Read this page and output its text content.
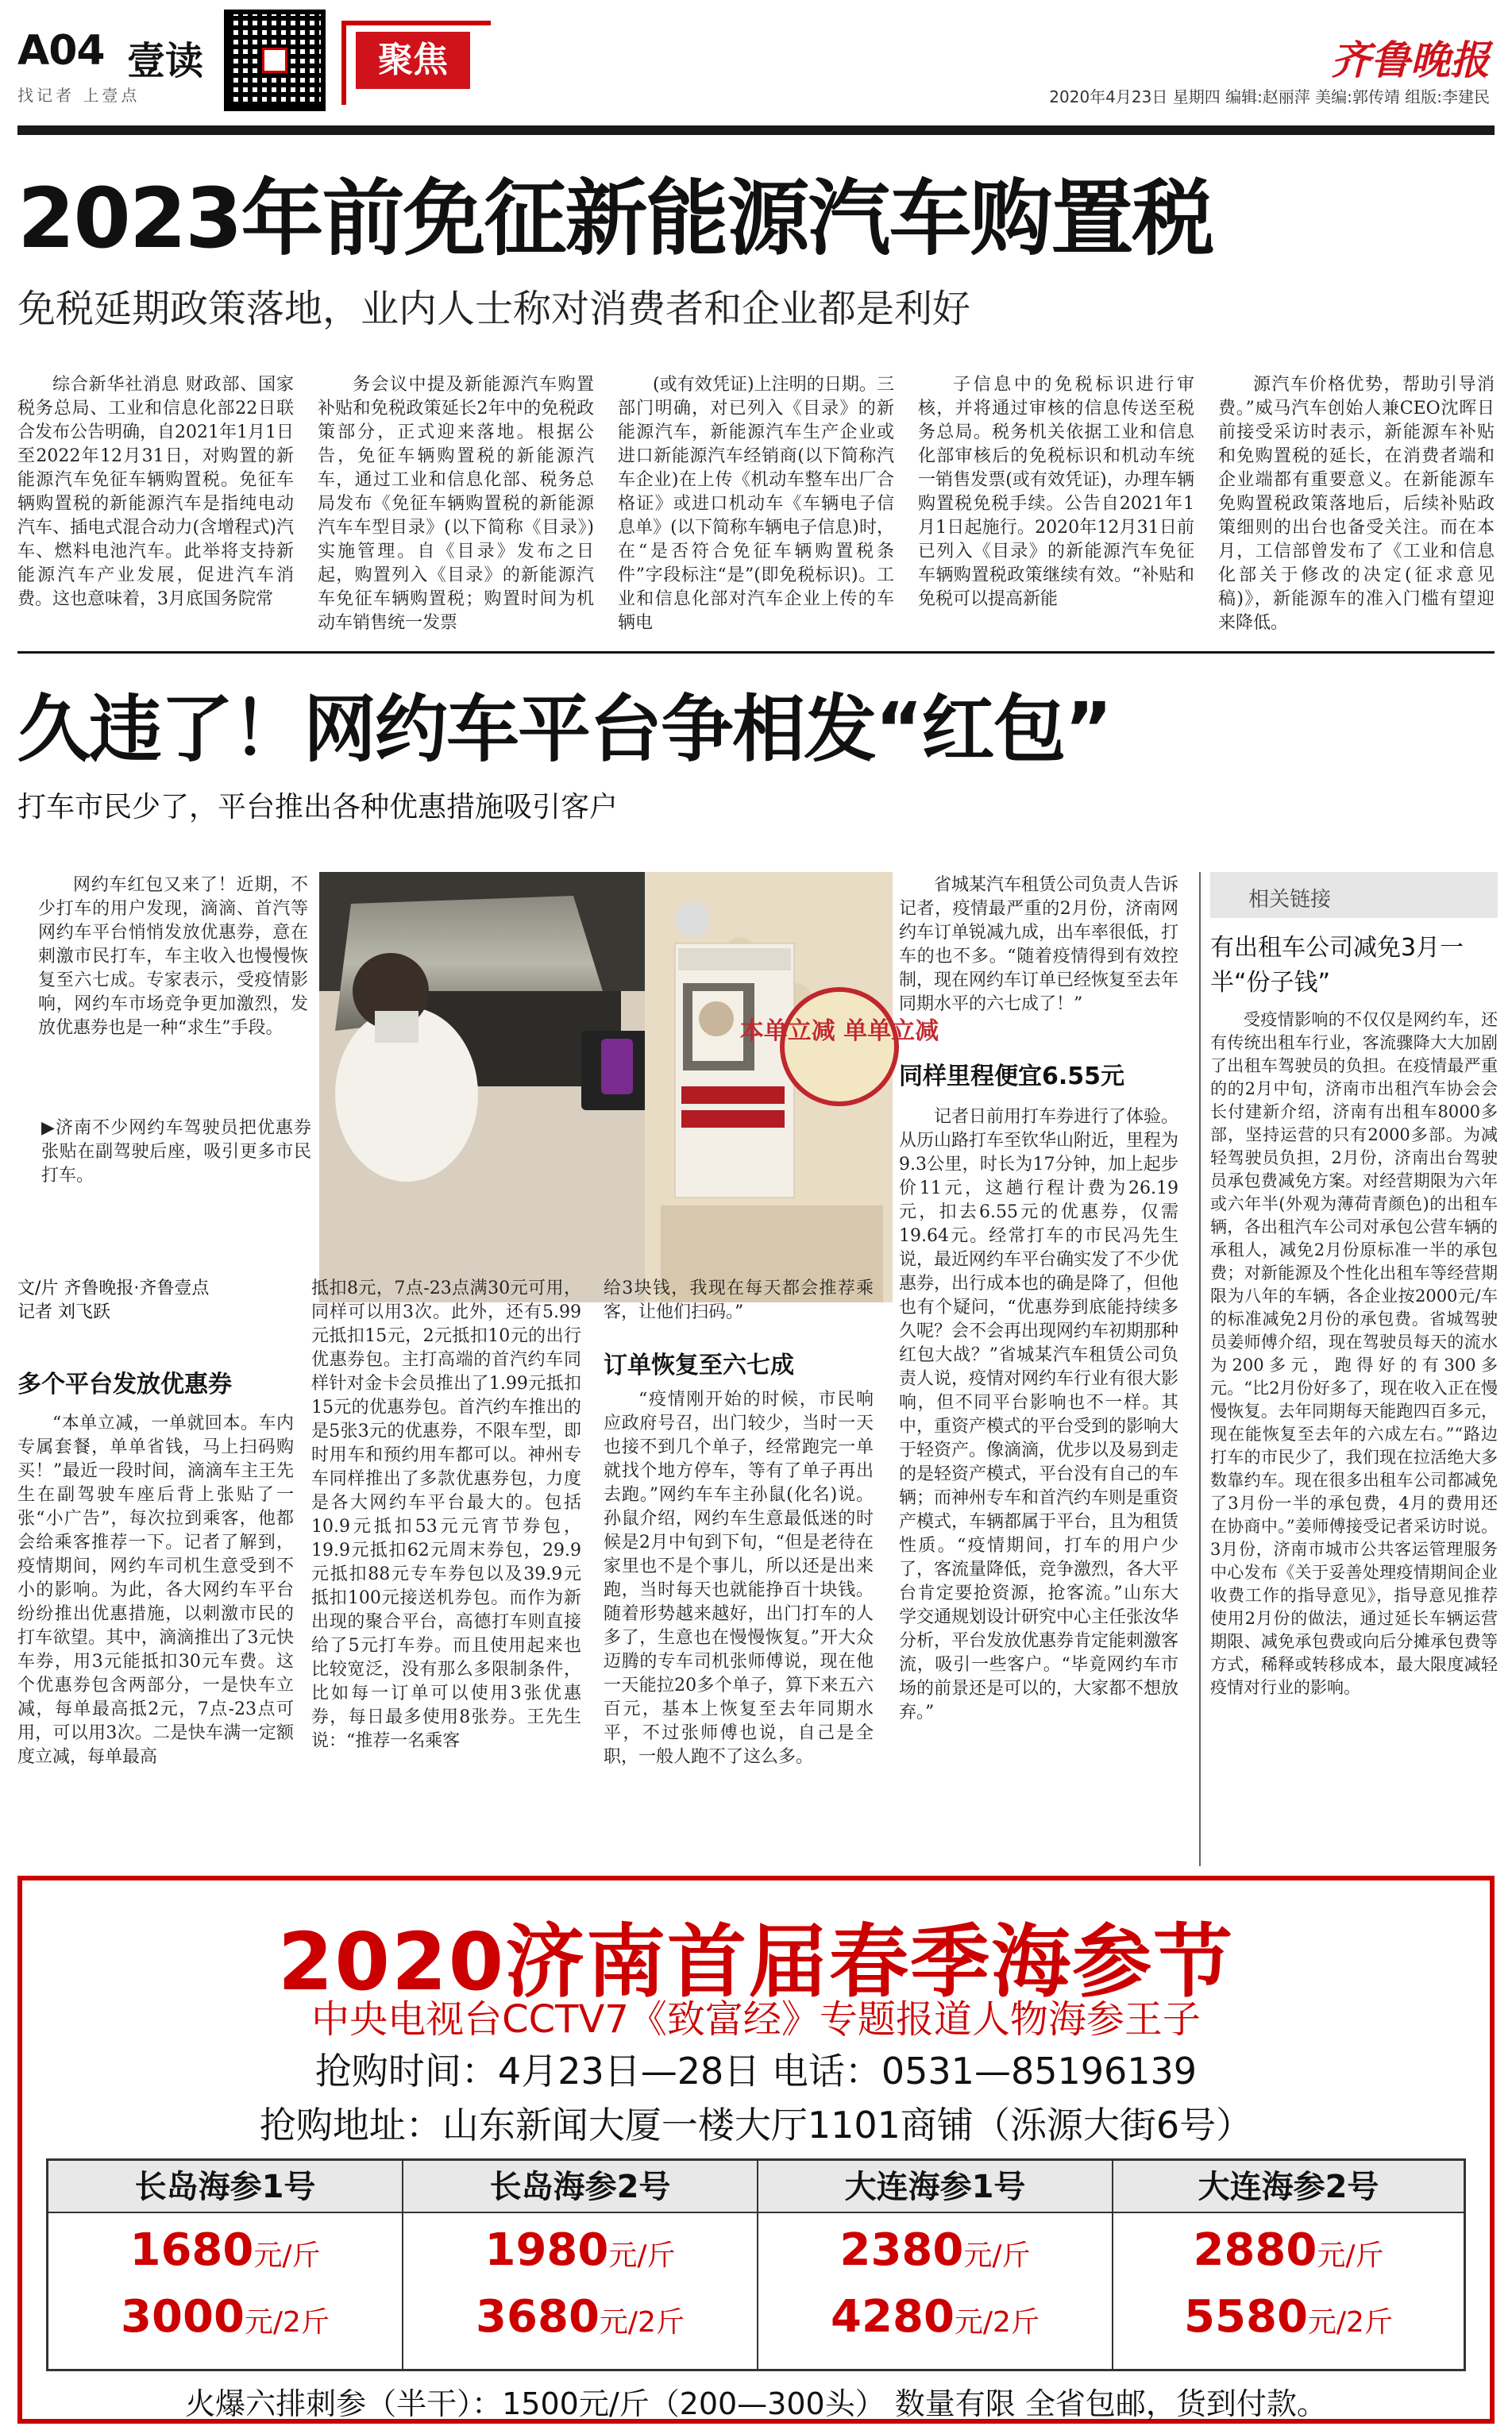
A04 壹读
找记者 上壹点
聚焦	齐鲁晚报
2020年4月23日 星期四 编辑:赵丽萍 美编:郭传靖 组版:李建民
2023年前免征新能源汽车购置税
免税延期政策落地，业内人士称对消费者和企业都是利好

综合新华社消息 财政部、国家税务总局、工业和信息化部22日联合发布公告明确，自2021年1月1日至2022年12月31日，对购置的新能源汽车免征车辆购置税。免征车辆购置税的新能源汽车是指纯电动汽车、插电式混合动力(含增程式)汽车、燃料电池汽车。此举将支持新能源汽车产业发展，促进汽车消费。这也意味着，3月底国务院常

务会议中提及新能源汽车购置补贴和免税政策延长2年中的免税政策部分，正式迎来落地。根据公告，免征车辆购置税的新能源汽车，通过工业和信息化部、税务总局发布《免征车辆购置税的新能源汽车车型目录》(以下简称《目录》)实施管理。自《目录》发布之日起，购置列入《目录》的新能源汽车免征车辆购置税；购置时间为机动车销售统一发票

(或有效凭证)上注明的日期。三部门明确，对已列入《目录》的新能源汽车，新能源汽车生产企业或进口新能源汽车经销商(以下简称汽车企业)在上传《机动车整车出厂合格证》或进口机动车《车辆电子信息单》(以下简称车辆电子信息)时，在“是否符合免征车辆购置税条件”字段标注“是”(即免税标识)。工业和信息化部对汽车企业上传的车辆电

子信息中的免税标识进行审核，并将通过审核的信息传送至税务总局。税务机关依据工业和信息化部审核后的免税标识和机动车统一销售发票(或有效凭证)，办理车辆购置税免税手续。公告自2021年1月1日起施行。2020年12月31日前已列入《目录》的新能源汽车免征车辆购置税政策继续有效。“补贴和免税可以提高新能

源汽车价格优势，帮助引导消费。”威马汽车创始人兼CEO沈晖日前接受采访时表示，新能源车补贴和免购置税的延长，在消费者端和企业端都有重要意义。在新能源车免购置税政策落地后，后续补贴政策细则的出台也备受关注。而在本月，工信部曾发布了《工业和信息化部关于修改的决定(征求意见稿)》，新能源车的准入门槛有望迎来降低。

久违了！网约车平台争相发“红包”
打车市民少了，平台推出各种优惠措施吸引客户

网约车红包又来了！近期，不少打车的用户发现，滴滴、首汽等网约车平台悄悄发放优惠券，意在刺激市民打车，车主收入也慢慢恢复至六七成。专家表示，受疫情影响，网约车市场竞争更加激烈，发放优惠券也是一种“求生”手段。	本单立减 单单立减

▶济南不少网约车驾驶员把优惠券张贴在副驾驶后座，吸引更多市民打车。

文/片 齐鲁晚报·齐鲁壹点
记者 刘飞跃
多个平台发放优惠券

“本单立减，一单就回本。车内专属套餐，单单省钱，马上扫码购买！”最近一段时间，滴滴车主王先生在副驾驶车座后背上张贴了一张“小广告”，每次拉到乘客，他都会给乘客推荐一下。记者了解到，疫情期间，网约车司机生意受到不小的影响。为此，各大网约车平台纷纷推出优惠措施，以刺激市民的打车欲望。其中，滴滴推出了3元快车券，用3元能抵扣30元车费。这个优惠券包含两部分，一是快车立减，每单最高抵2元，7点-23点可用，可以用3次。二是快车满一定额度立减，每单最高

抵扣8元，7点-23点满30元可用，同样可以用3次。此外，还有5.99元抵扣15元，2元抵扣10元的出行优惠券包。主打高端的首汽约车同样针对金卡会员推出了1.99元抵扣15元的优惠券包。首汽约车推出的是5张3元的优惠券，不限车型，即时用车和预约用车都可以。神州专车同样推出了多款优惠券包，力度是各大网约车平台最大的。包括10.9元抵扣53元元宵节券包，19.9元抵扣62元周末券包，29.9元抵扣88元专车券包以及39.9元抵扣100元接送机券包。而作为新出现的聚合平台，高德打车则直接给了5元打车券。而且使用起来也比较宽泛，没有那么多限制条件，比如每一订单可以使用3张优惠券，每日最多使用8张券。王先生说：“推荐一名乘客

给3块钱，我现在每天都会推荐乘客，让他们扫码。”

订单恢复至六七成

“疫情刚开始的时候，市民响应政府号召，出门较少，当时一天也接不到几个单子，经常跑完一单就找个地方停车，等有了单子再出去跑。”网约车车主孙鼠(化名)说。孙鼠介绍，网约车生意最低迷的时候是2月中旬到下旬，“但是老待在家里也不是个事儿，所以还是出来跑，当时每天也就能挣百十块钱。随着形势越来越好，出门打车的人多了，生意也在慢慢恢复。”开大众迈腾的专车司机张师傅说，现在他一天能拉20多个单子，算下来五六百元，基本上恢复至去年同期水平，不过张师傅也说，自己是全职，一般人跑不了这么多。

省城某汽车租赁公司负责人告诉记者，疫情最严重的2月份，济南网约车订单锐减九成，出车率很低，打车的也不多。“随着疫情得到有效控制，现在网约车订单已经恢复至去年同期水平的六七成了！”

同样里程便宜6.55元

记者日前用打车券进行了体验。从历山路打车至钦华山附近，里程为9.3公里，时长为17分钟，加上起步价11元，这趟行程计费为26.19元，扣去6.55元的优惠券，仅需19.64元。经常打车的市民冯先生说，最近网约车平台确实发了不少优惠券，出行成本也的确是降了，但他也有个疑问，“优惠券到底能持续多久呢？会不会再出现网约车初期那种红包大战？”省城某汽车租赁公司负责人说，疫情对网约车行业有很大影响，但不同平台影响也不一样。其中，重资产模式的平台受到的影响大于轻资产。像滴滴，优步以及易到走的是轻资产模式，平台没有自己的车辆；而神州专车和首汽约车则是重资产模式，车辆都属于平台，且为租赁性质。“疫情期间，打车的用户少了，客流量降低，竞争激烈，各大平台肯定要抢资源，抢客流。”山东大学交通规划设计研究中心主任张汝华分析，平台发放优惠券肯定能刺激客流，吸引一些客户。“毕竟网约车市场的前景还是可以的，大家都不想放弃。”

相关链接
有出租车公司减免3月一半“份子钱”

受疫情影响的不仅仅是网约车，还有传统出租车行业，客流骤降大大加剧了出租车驾驶员的负担。在疫情最严重的的2月中旬，济南市出租汽车协会会长付建新介绍，济南有出租车8000多部，坚持运营的只有2000多部。为减轻驾驶员负担，2月份，济南出台驾驶员承包费减免方案。对经营期限为六年或六年半(外观为薄荷青颜色)的出租车辆，各出租汽车公司对承包公营车辆的承租人，减免2月份原标准一半的承包费；对新能源及个性化出租车等经营期限为八年的车辆，各企业按2000元/车的标准减免2月份的承包费。省城驾驶员姜师傅介绍，现在驾驶员每天的流水为200多元，跑得好的有300多元。“比2月份好多了，现在收入正在慢慢恢复。去年同期每天能跑四百多元，现在能恢复至去年的六成左右。”“路边打车的市民少了，我们现在拉活绝大多数靠约车。现在很多出租车公司都减免了3月份一半的承包费，4月的费用还在协商中。”姜师傅接受记者采访时说。3月份，济南市城市公共客运管理服务中心发布《关于妥善处理疫情期间企业收费工作的指导意见》，指导意见推荐使用2月份的做法，通过延长车辆运营期限、减免承包费或向后分摊承包费等方式，稀释或转移成本，最大限度减轻疫情对行业的影响。

2020济南首届春季海参节
中央电视台CCTV7《致富经》专题报道人物海参王子
抢购时间：4月23日—28日 电话：0531—85196139
抢购地址：山东新闻大厦一楼大厅1101商铺（泺源大街6号）
长岛海参1号
1680元/斤
3000元/2斤
长岛海参2号
1980元/斤
3680元/2斤
大连海参1号
2380元/斤
4280元/2斤
大连海参2号
2880元/斤
5580元/2斤
火爆六排刺参（半干）：1500元/斤（200—300头） 数量有限 全省包邮，货到付款。
